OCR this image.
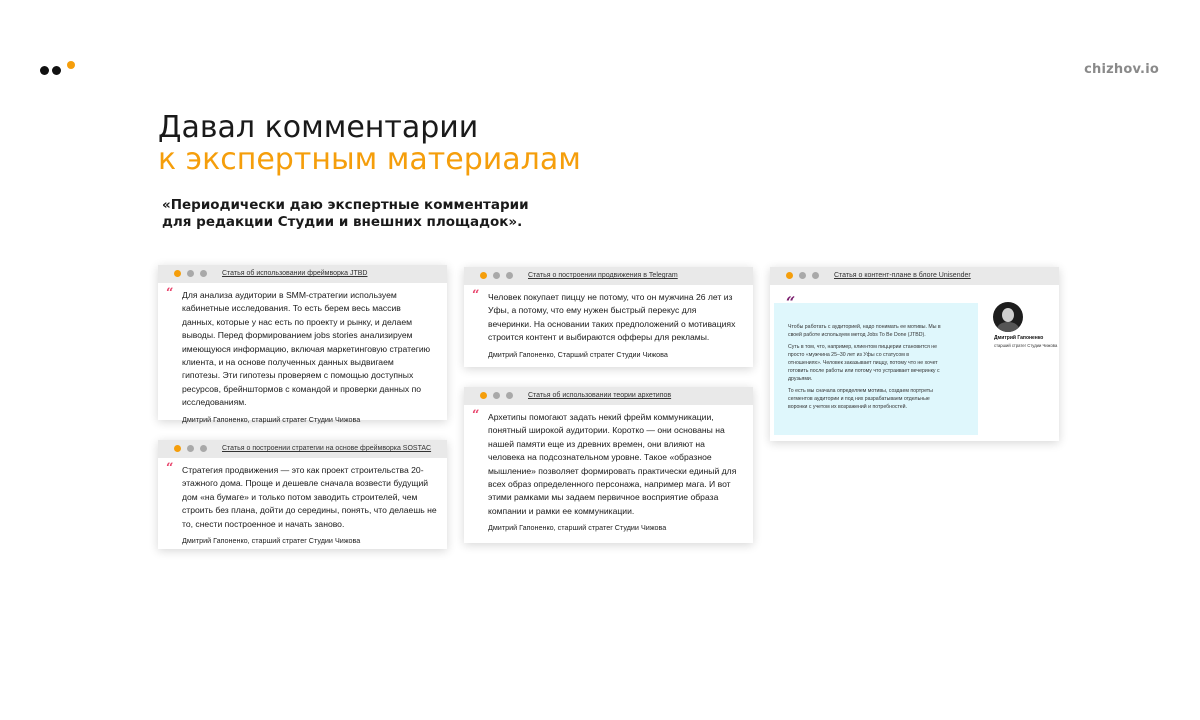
chizhov.io
Давал комментарии
к экспертным материалам
«Периодически даю экспертные комментарии
для редакции Студии и внешних площадок».
Статья об использовании фреймворка JTBD
“ Для анализа аудитории в SMM-стратегии используем
кабинетные исследования. То есть берем весь массив
данных, которые у нас есть по проекту и рынку, и делаем
выводы. Перед формированием jobs stories анализируем
имеющуюся информацию, включая маркетинговую стратегию
клиента, и на основе полученных данных выдвигаем
гипотезы. Эти гипотезы проверяем с помощью доступных
ресурсов, брейнштормов с командой и проверки данных по
исследованиям.
Дмитрий Гапоненко, старший стратег Студии Чижова
Статья о построении стратегии на основе фреймворка SOSTAC
“ Стратегия продвижения — это как проект строительства 20-
этажного дома. Проще и дешевле сначала возвести будущий
дом «на бумаге» и только потом заводить строителей, чем
строить без плана, дойти до середины, понять, что делаешь не
то, снести построенное и начать заново.
Дмитрий Гапоненко, старший стратег Студии Чижова
Статья о построении продвижения в Telegram
“ Человек покупает пиццу не потому, что он мужчина 26 лет из
Уфы, а потому, что ему нужен быстрый перекус для
вечеринки. На основании таких предположений о мотивациях
строится контент и выбираются офферы для рекламы.
Дмитрий Гапоненко, Старший стратег Студии Чижова
Статья об использовании теории архетипов
“ Архетипы помогают задать некий фрейм коммуникации,
понятный широкой аудитории. Коротко — они основаны на
нашей памяти еще из древних времен, они влияют на
человека на подсознательном уровне. Такое «образное
мышление» позволяет формировать практически единый для
всех образ определенного персонажа, например мага. И вот
этими рамками мы задаем первичное восприятие образа
компании и рамки ее коммуникации.
Дмитрий Гапоненко, старший стратег Студии Чижова
Статья о контент-плане в блоге Unisender

Чтобы работать с аудиторией, надо понимать ее мотивы. Мы в
своей работе используем метод Jobs To Be Done (JTBD).

Суть в том, что, например, клиентом пиццерии становится не
просто «мужчина 25–30 лет из Уфы со статусом в
отношениях». Человек заказывает пиццу, потому что не хочет
готовить после работы или потому что устраивает вечеринку с
друзьями.

То есть мы сначала определяем мотивы, создаем портреты
сегментов аудитории и под них разрабатываем отдельные
воронки с учетом их возражений и потребностей.

“
Дмитрий Гапоненко
старший стратег Студии Чижова
